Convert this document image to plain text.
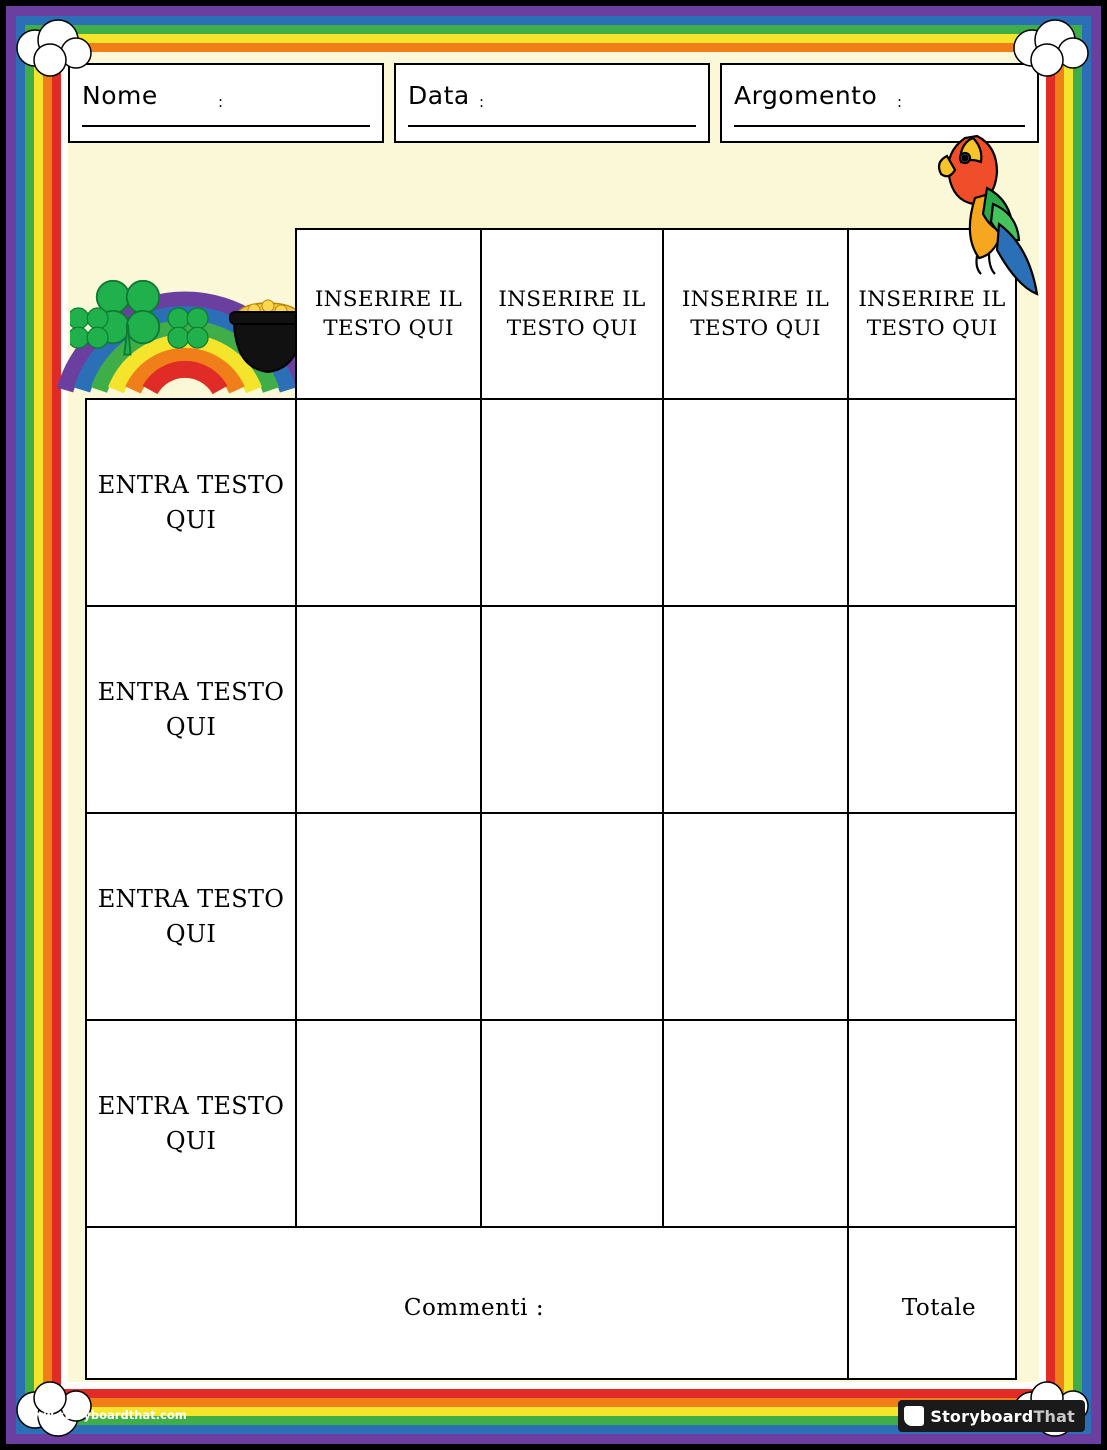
Nome	:	Data :	Argomento :
	INSERIRE IL TESTO QUI	INSERIRE IL TESTO QUI	INSERIRE IL TESTO QUI	INSERIRE IL TESTO QUI
ENTRA TESTO QUI				
ENTRA TESTO QUI				
ENTRA TESTO QUI				
ENTRA TESTO QUI				
Commenti :				Totale
www.storyboardthat.com	StoryboardThat
